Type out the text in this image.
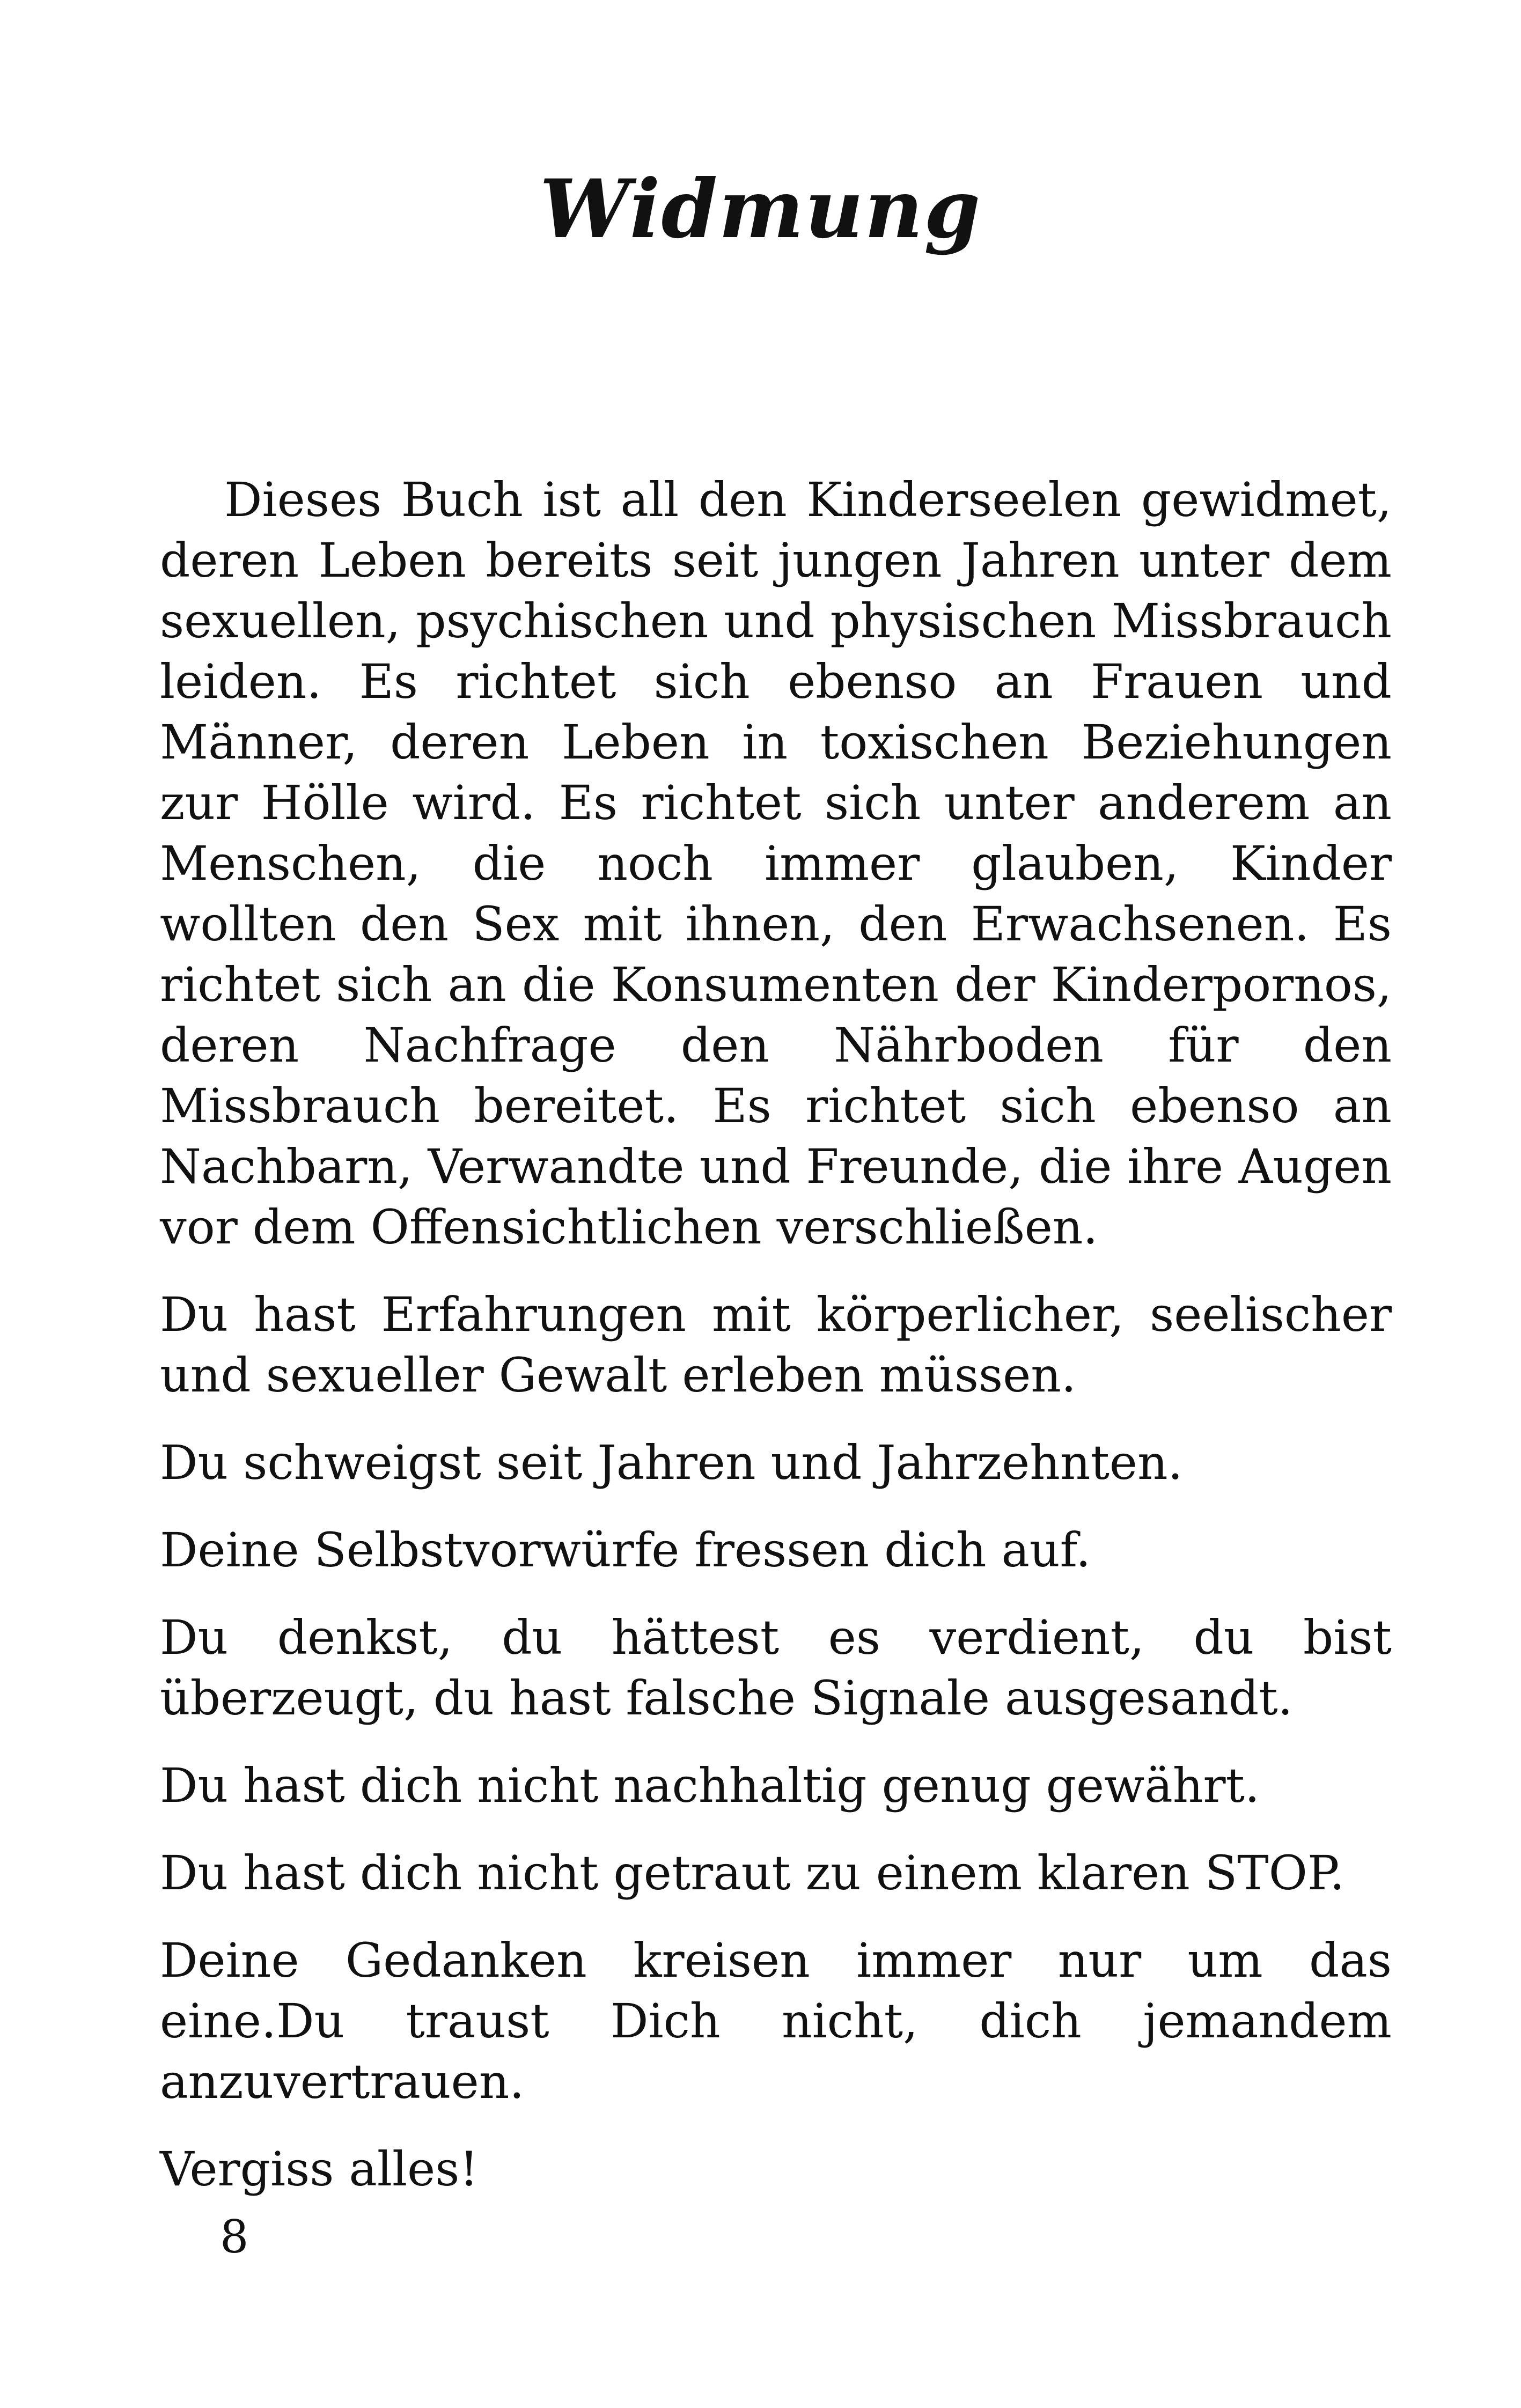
Widmung

Dieses Buch ist all den Kinderseelen gewidmet, deren Leben bereits seit jungen Jahren unter dem sexuellen, psychischen und physischen Missbrauch leiden. Es richtet sich ebenso an Frauen und Männer, deren Leben in toxischen Beziehungen zur Hölle wird. Es richtet sich unter anderem an Menschen, die noch immer glauben, Kinder wollten den Sex mit ihnen, den Erwachsenen. Es richtet sich an die Konsumenten der Kinderpornos, deren Nachfrage den Nährboden für den Missbrauch bereitet. Es richtet sich ebenso an Nachbarn, Verwandte und Freunde, die ihre Augen vor dem Offensichtlichen verschließen.

Du hast Erfahrungen mit körperlicher, seelischer und sexueller Gewalt erleben müssen.

Du schweigst seit Jahren und Jahrzehnten.

Deine Selbstvorwürfe fressen dich auf.

Du denkst, du hättest es verdient, du bist überzeugt, du hast falsche Signale ausgesandt.

Du hast dich nicht nachhaltig genug gewährt.

Du hast dich nicht getraut zu einem klaren STOP.

Deine Gedanken kreisen immer nur um das eine.Du traust Dich nicht, dich jemandem anzuvertrauen.

Vergiss alles!

8
